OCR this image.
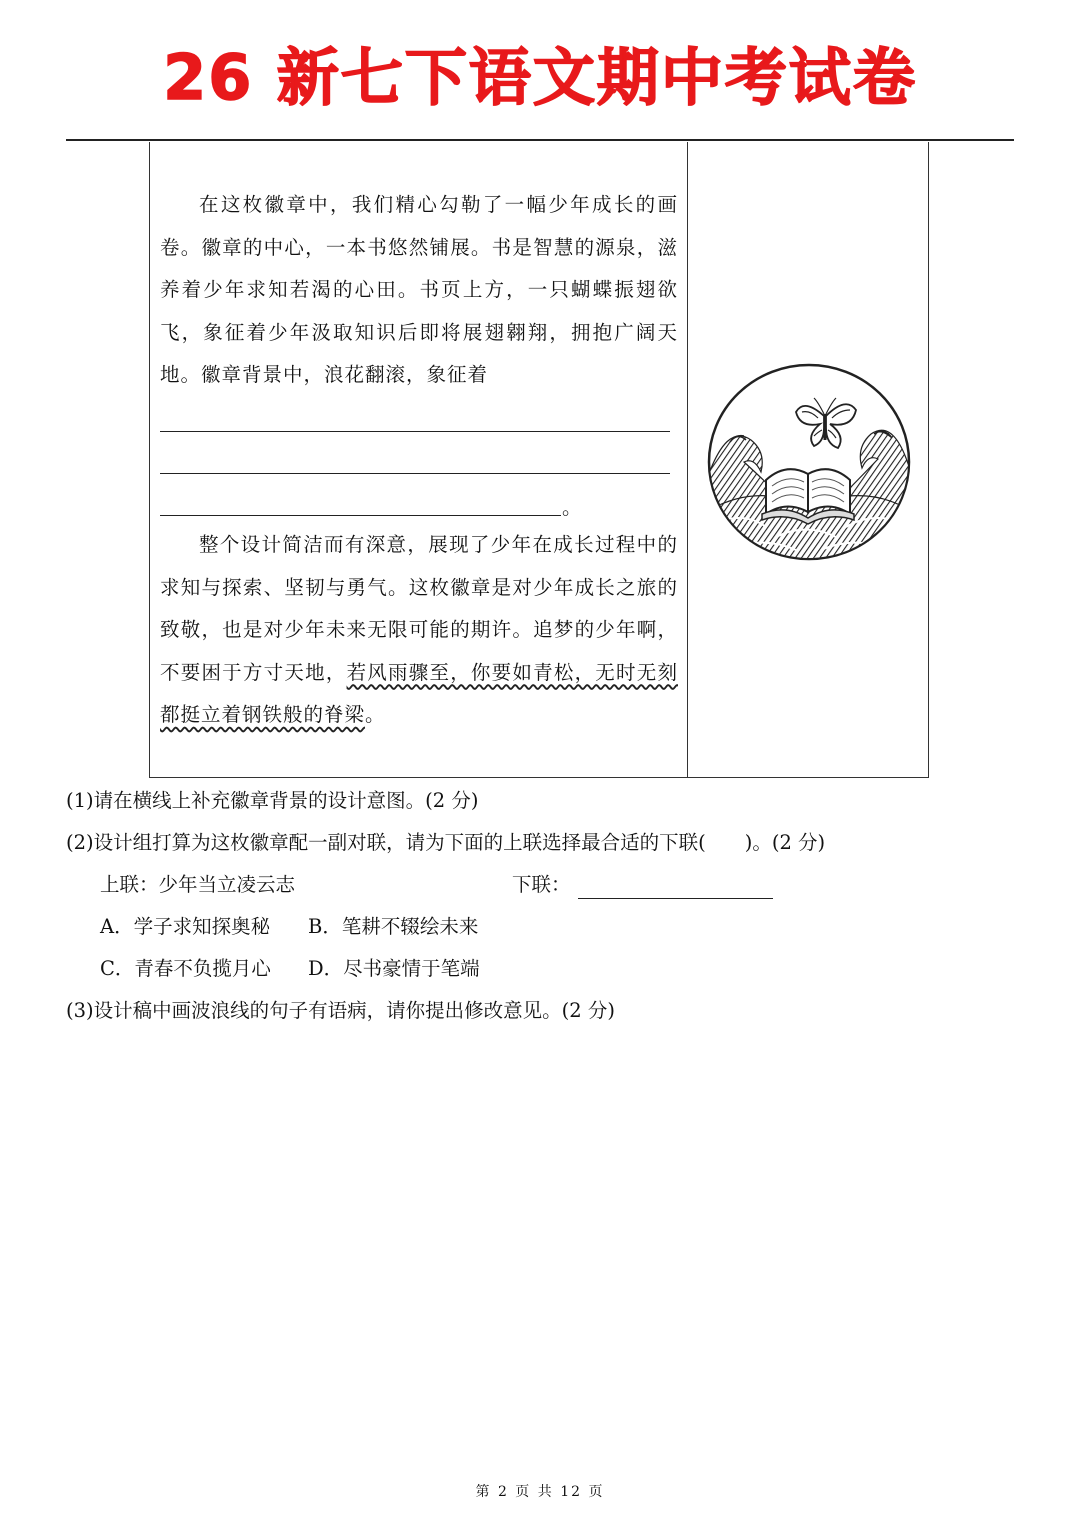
26 新七下语文期中考试卷

在这枚徽章中，我们精心勾勒了一幅少年成长的画卷。徽章的中心，一本书悠然铺展。书是智慧的源泉，滋养着少年求知若渴的心田。书页上方，一只蝴蝶振翅欲飞，象征着少年汲取知识后即将展翅翱翔，拥抱广阔天地。徽章背景中，浪花翻滚，象征着

。

整个设计简洁而有深意，展现了少年在成长过程中的求知与探索、坚韧与勇气。这枚徽章是对少年成长之旅的致敬，也是对少年未来无限可能的期许。追梦的少年啊，不要困于方寸天地，若风雨骤至，你要如青松，无时无刻都挺立着钢铁般的脊梁。

(1)请在横线上补充徽章背景的设计意图。(2 分)

(2)设计组打算为这枚徽章配一副对联，请为下面的上联选择最合适的下联(　　)。(2 分)

上联：少年当立凌云志	下联：

A．学子求知探奥秘 B．笔耕不辍绘未来

C．青春不负揽月心 D．尽书豪情于笔端

(3)设计稿中画波浪线的句子有语病，请你提出修改意见。(2 分)

第 2 页 共 12 页
